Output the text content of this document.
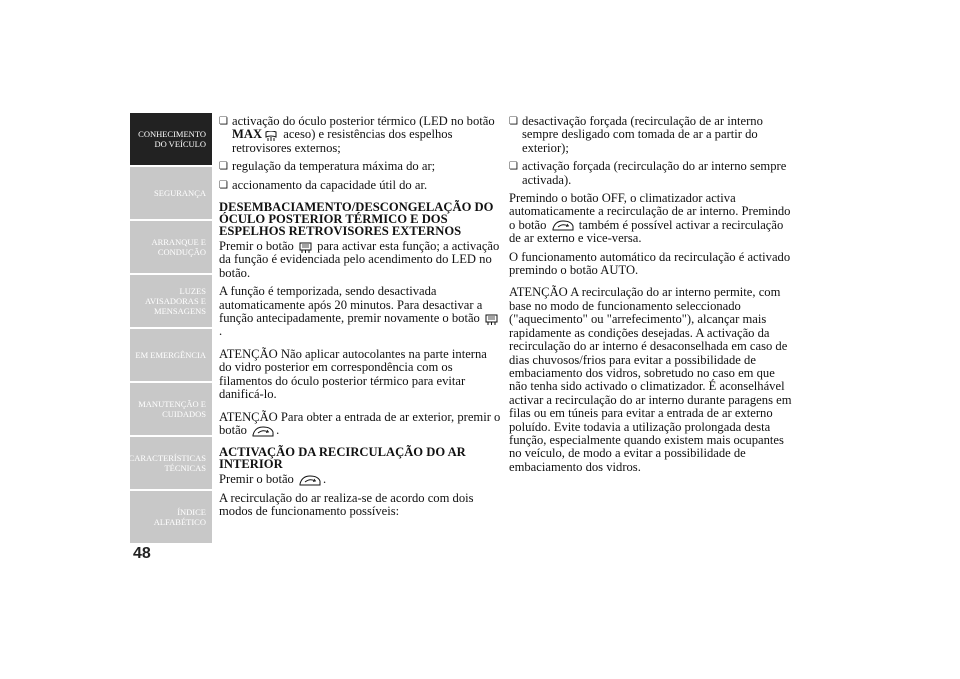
CONHECIMENTO
DO VEÍCULO
SEGURANÇA
ARRANQUE E
CONDUÇÃO
LUZES
AVISADORAS E
MENSAGENS
EM EMERGÊNCIA
MANUTENÇÃO E
CUIDADOS
CARACTERÍSTICAS
TÉCNICAS
ÍNDICE
ALFABÉTICO
48
❏ activação do óculo posterior térmico (LED no botão MAX aceso) e resistências dos espelhos retrovisores externos;
❏ regulação da temperatura máxima do ar;
❏ accionamento da capacidade útil do ar.
DESEMBACIAMENTO/DESCONGELAÇÃO DO ÓCULO POSTERIOR TÉRMICO E DOS ESPELHOS RETROVISORES EXTERNOS

Premir o botão  para activar esta função; a activação da função é evidenciada pelo acendimento do LED no botão.

A função é temporizada, sendo desactivada automaticamente após 20 minutos. Para desactivar a função antecipadamente, premir novamente o botão .

ATENÇÃO Não aplicar autocolantes na parte interna do vidro posterior em correspondência com os filamentos do óculo posterior térmico para evitar danificá-lo.

ATENÇÃO Para obter a entrada de ar exterior, premir o botão .

ACTIVAÇÃO DA RECIRCULAÇÃO DO AR INTERIOR

Premir o botão .

A recirculação do ar realiza-se de acordo com dois modos de funcionamento possíveis:

❏ desactivação forçada (recirculação de ar interno sempre desligado com tomada de ar a partir do exterior);
❏ activação forçada (recirculação do ar interno sempre activada).

Premindo o botão OFF, o climatizador activa automaticamente a recirculação de ar interno. Premindo o botão  também é possível activar a recirculação de ar externo e vice-versa.

O funcionamento automático da recirculação é activado premindo o botão AUTO.

ATENÇÃO A recirculação do ar interno permite, com base no modo de funcionamento seleccionado ("aquecimento" ou "arrefecimento"), alcançar mais rapidamente as condições desejadas. A activação da recirculação do ar interno é desaconselhada em caso de dias chuvosos/frios para evitar a possibilidade de embaciamento dos vidros, sobretudo no caso em que não tenha sido activado o climatizador. É aconselhável activar a recirculação do ar interno durante paragens em filas ou em túneis para evitar a entrada de ar externo poluído. Evite todavia a utilização prolongada desta função, especialmente quando existem mais ocupantes no veículo, de modo a evitar a possibilidade de embaciamento dos vidros.
